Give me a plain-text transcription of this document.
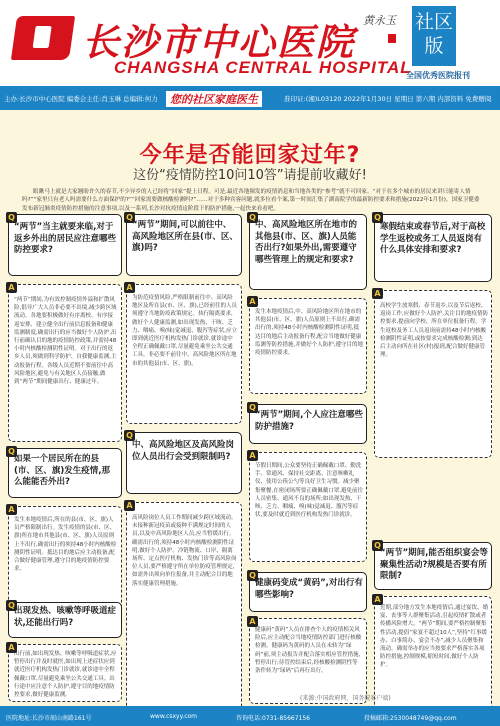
长沙市中心医院
CHANGSHA CENTRAL HOSPITAL
黄永玉 社区版
全国优秀医院报刊
主办:长沙市中心医院 编委会主任:肖玉琳 总编辑:何力	您的社区家庭医生	准印证:(湘)L03120 2022年1月30日 星期日 第六期 内部资料 免费赠阅
今年是否能回家过年?
这份“疫情防控10问10答”请提前收藏好!
眼瞅马上就是大家翘盼许久的春节,不少异乡的人已经将“回家”提上日程。可是,最近各地频发的疫情消息和当地各类的“参考”就不可回家。“对于在多个城市的居民来讲只能寄人情吗?”“家里只有老人吗需要什么方面保护的?”“回家需要做核酸检测吗?”……对于多种宾客问题,就多位看个案,第一时间汇集了湖南院学的最新防控要求和措施(2022年1月份)。国家卫健委发布新冠肺炎疫情防控措施的注意事项,以及一系列,长沙对抗疫情这阶段下的防护措施,一起快来看看吧。
Q
“两节”当主就要来临,对于返乡外出的居民应注意哪些防控要求?
A
“两节”期间,为有效控制疫情外溢和扩散风险,倡导广大人员非必要不出境,减少跨区域流动。各地要积极做好有序离校、有序接返安排、建立健全出行前信息报备和健康监测制度,确需出行的应当做好个人防护,出行前确认目的地的疫情防控政策,并需持48小时内核酸检测阴性证明。对于出行的返乡人员,须做到科学防护、自我健康监测,主动报备行程。各级人员近期不要前往中高风险地区,避免与有关地区人员接触,做到“两节”期间健康出行、健康过年。
Q
“两节”期间,可以前往中、高风险地区所在县(市、区、旗)吗?
A
为防范疫情风险,严格限制前往中、高风险地区及所在县(市、区、旗),已经前往的人员须遵守当地防疫政策规定。执行隔离要求,做好个人健康监测,如出现发热、干咳、乏力、咽痛、嗅(味)觉减退、腹泻等症状,应立即到就近医疗机构发热门诊就诊,就诊途中全程正确佩戴口罩,尽量避免乘坐公共交通工具。非必要不前往中、高风险地区所在地市的其他县(市、区、旗)。
Q
中、高风险地区所在地市的其他县(市、区、旗)人员能否出行?如果外出,需要遵守哪些管理上的规定和要求?
A
发生本地疫情后,中、高风险地区所在地市的其他县(市、区、旗)人员原则上不出行,确需出行的,须持48小时内核酸检测阴性证明,抵达目的地后主动报备行程,配合当地做好健康监测等防控措施,并做好个人防护,遵守目的地疫情防控要求。
Q
寒假结束或春节后,对于高校学生返校或务工人员返岗有什么具体安排和要求?
A
高校学生放寒假、春节返乡,以及节后返校、返岗工作,应做好个人防护,关注目的地疫情防控要求,提前向学校、所在单位报备行程。学生返校及务工人员返岗前需持48小时内核酸检测阴性证明,或按要求完成核酸检测;到达后主动向所在社区(村)报到,配合做好健康管理。
Q
如果一个居民所在的县(市、区、旗)发生疫情,那么能能否外出?
A
发生本地疫情后,所在的县(市、区、旗)人员严格限制出行。发生疫情的县(市、区、旗)所在地市其他县(市、区、旗)人员原则上不出行,确需出行的须持48小时内核酸检测阴性证明。抵达目的地后应主动报备,配合做好健康管理,遵守目的地疫情防控要求。
Q
“两节”期间,个人应注意哪些防护措施?
A
节假日期间,公众要坚持正确佩戴口罩、勤洗手、常通风、保持社交距离、注意咳嗽礼仪、使用公筷公勺等良好卫生习惯。减少聚集聚餐,在密闭场所要正确佩戴口罩,避免前往人员密集、通风不良的场所;如出现发热、干咳、乏力、咽痛、嗅(味)觉减退、腹泻等症状,要及时就近到医疗机构发热门诊就诊。
Q
中、高风险地区及高风险岗位人员出行会受到限制吗?
A
高风险岗位人员工作期间减少跨区域流动。未接种新冠疫苗或接种不满规定时间的人员,以及中高风险地区人员,应当暂缓出行。确需出行的,须持48小时内核酸检测阴性证明,做好个人防护。冷链物流、口岸、隔离场所、定点医疗机构、发热门诊等高风险岗位人员,要严格遵守所在单位防疫管理规定,如需外出须向单位报备,并主动配合目的地落实健康管理措施。
Q
“两节”期间,能否组织宴会等聚集性活动?规模是否要有所限制?
A
近期,部分地方发生本地疫情后,通过宴饮、婚宴、丧事等人群聚集活动,引起疫情扩散或者传播风险增大。“两节”期间,要严格控制聚集性活动,提倡“家宴不超过10人”,坚持“红事缓办、白事简办、宴会不办”,减少人员聚集和流动。确需举办的应当按要求严格落实各项防控措施,控制规模,缩短时间,做好个人防护。
Q
出现发热、咳嗽等呼吸道症状,还能出行吗?
A
出行前,如出现发热、咳嗽等呼吸道症状,应暂停出行并及时就医,如出现上述症状应到就近医疗机构发热门诊就诊,就诊途中全程佩戴口罩,尽量避免乘坐公共交通工具。出行途中应注意个人防护,遵守目的地疫情防控要求,做好健康监测。
Q
健康码变成“黄码”,对出行有哪些影响?
A
健康码“黄码”人员在排查个人的疫情相关风险后,应主动配合当地疫情防控部门进行核酸检测。健康码为黄码的人员在未转为“绿码”前,须主动报告并配合落实相应管控措施,暂停出行;待管控结束后,经核酸检测阴性等条件转为“绿码”后再行出行。
(来源:中国政府网、国务院客户端)
医院地址:长沙市韶山南路161号	www.csxyy.com	咨询电话:0731-85667156	投稿邮箱:2530048749@qq.com
